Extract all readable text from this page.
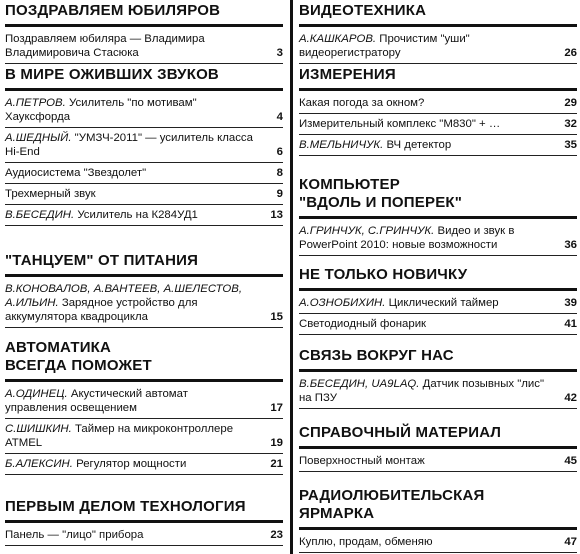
ПОЗДРАВЛЯЕМ ЮБИЛЯРОВ
Поздравляем юбиляра — Владимира Владимировича Стасюка	3
В МИРЕ ОЖИВШИХ ЗВУКОВ
А.ПЕТРОВ. Усилитель "по мотивам" Хауксфорда	4
А.ШЕДНЫЙ. "УМЗЧ-2011" — усилитель класса Hi-End	6
Аудиосистема "Звездолет"	8
Трехмерный звук	9
В.БЕСЕДИН. Усилитель на К284УД1	13
"ТАНЦУЕМ" ОТ ПИТАНИЯ
В.КОНОВАЛОВ, А.ВАНТЕЕВ, А.ШЕЛЕСТОВ, А.ИЛЬИН. Зарядное устройство для аккумулятора квадроцикла	15
АВТОМАТИКА
ВСЕГДА ПОМОЖЕТ
А.ОДИНЕЦ. Акустический автомат управления освещением	17
С.ШИШКИН. Таймер на микроконтроллере ATMEL	19
Б.АЛЕКСИН. Регулятор мощности	21
ПЕРВЫМ ДЕЛОМ ТЕХНОЛОГИЯ
Панель — "лицо" прибора	23
ВИДЕОТЕХНИКА
А.КАШКАРОВ. Прочистим "уши" видеорегистратору	26
ИЗМЕРЕНИЯ
Какая погода за окном?	29
Измерительный комплекс "М830" + …	32
В.МЕЛЬНИЧУК. ВЧ детектор	35
КОМПЬЮТЕР
"ВДОЛЬ И ПОПЕРЕК"
А.ГРИНЧУК, С.ГРИНЧУК. Видео и звук в PowerPoint 2010: новые возможности	36
НЕ ТОЛЬКО НОВИЧКУ
А.ОЗНОБИХИН. Циклический таймер	39
Светодиодный фонарик	41
СВЯЗЬ ВОКРУГ НАС
В.БЕСЕДИН, UA9LAQ. Датчик позывных "лис" на ПЗУ	42
СПРАВОЧНЫЙ МАТЕРИАЛ
Поверхностный монтаж	45
РАДИОЛЮБИТЕЛЬСКАЯ
ЯРМАРКА
Куплю, продам, обменяю	47
